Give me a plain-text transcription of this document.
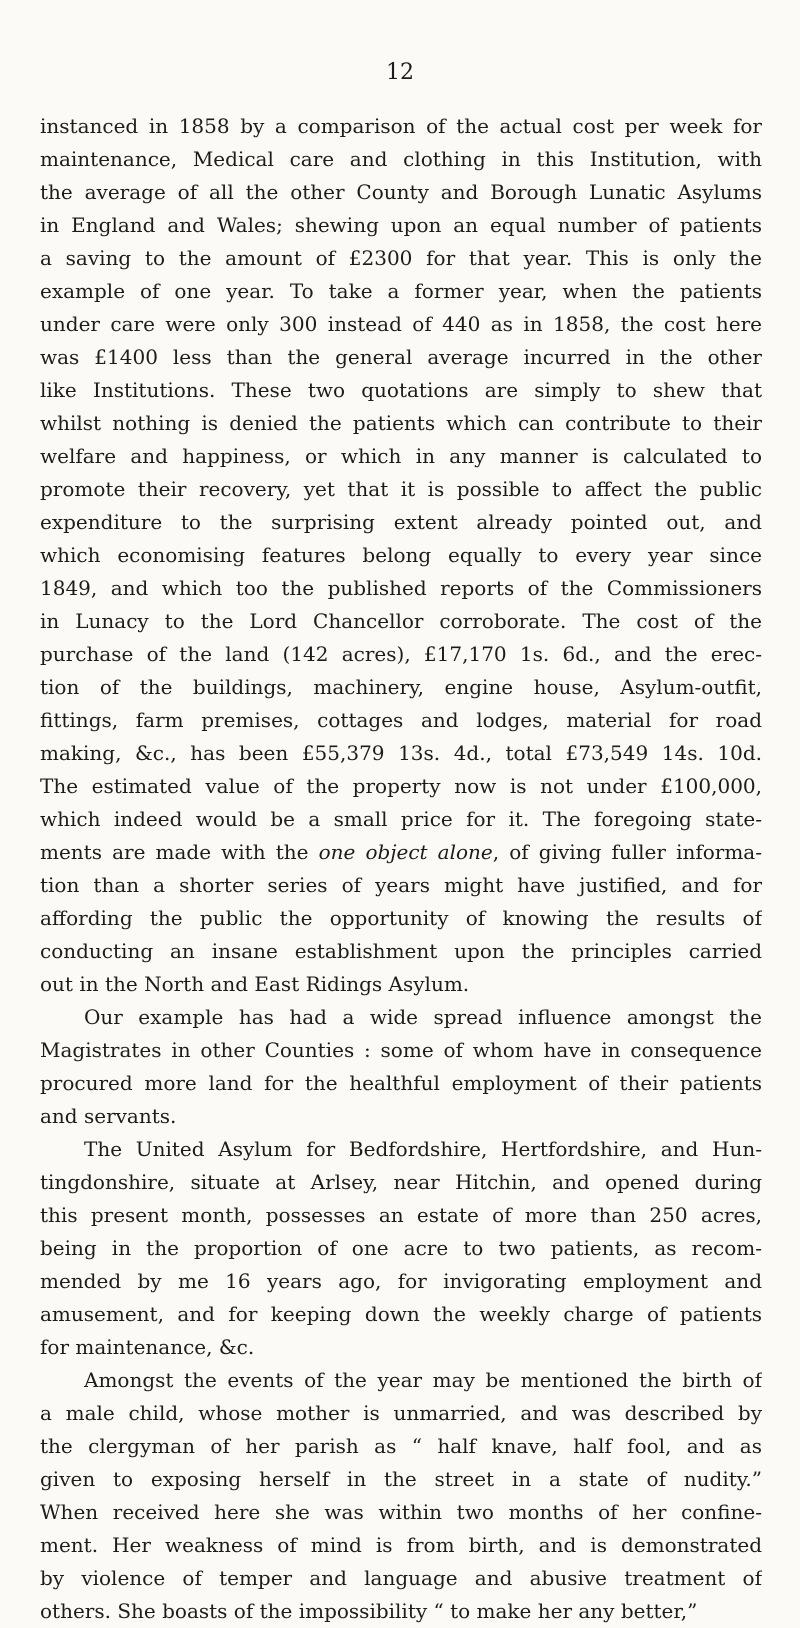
12
instanced in 1858 by a comparison of the actual cost per week for
maintenance, Medical care and clothing in this Institution, with
the average of all the other County and Borough Lunatic Asylums
in England and Wales; shewing upon an equal number of patients
a saving to the amount of £2300 for that year. This is only the
example of one year. To take a former year, when the patients
under care were only 300 instead of 440 as in 1858, the cost here
was £1400 less than the general average incurred in the other
like Institutions. These two quotations are simply to shew that
whilst nothing is denied the patients which can contribute to their
welfare and happiness, or which in any manner is calculated to
promote their recovery, yet that it is possible to affect the public
expenditure to the surprising extent already pointed out, and
which economising features belong equally to every year since
1849, and which too the published reports of the Commissioners
in Lunacy to the Lord Chancellor corroborate. The cost of the
purchase of the land (142 acres), £17,170 1s. 6d., and the erec-
tion of the buildings, machinery, engine house, Asylum-outfit,
fittings, farm premises, cottages and lodges, material for road
making, &c., has been £55,379 13s. 4d., total £73,549 14s. 10d.
The estimated value of the property now is not under £100,000,
which indeed would be a small price for it. The foregoing state-
ments are made with the one object alone, of giving fuller informa-
tion than a shorter series of years might have justified, and for
affording the public the opportunity of knowing the results of
conducting an insane establishment upon the principles carried
out in the North and East Ridings Asylum.
Our example has had a wide spread influence amongst the
Magistrates in other Counties : some of whom have in consequence
procured more land for the healthful employment of their patients
and servants.
The United Asylum for Bedfordshire, Hertfordshire, and Hun-
tingdonshire, situate at Arlsey, near Hitchin, and opened during
this present month, possesses an estate of more than 250 acres,
being in the proportion of one acre to two patients, as recom-
mended by me 16 years ago, for invigorating employment and
amusement, and for keeping down the weekly charge of patients
for maintenance, &c.
Amongst the events of the year may be mentioned the birth of
a male child, whose mother is unmarried, and was described by
the clergyman of her parish as “ half knave, half fool, and as
given to exposing herself in the street in a state of nudity.”
When received here she was within two months of her confine-
ment. Her weakness of mind is from birth, and is demonstrated
by violence of temper and language and abusive treatment of
others. She boasts of the impossibility “ to make her any better,”
